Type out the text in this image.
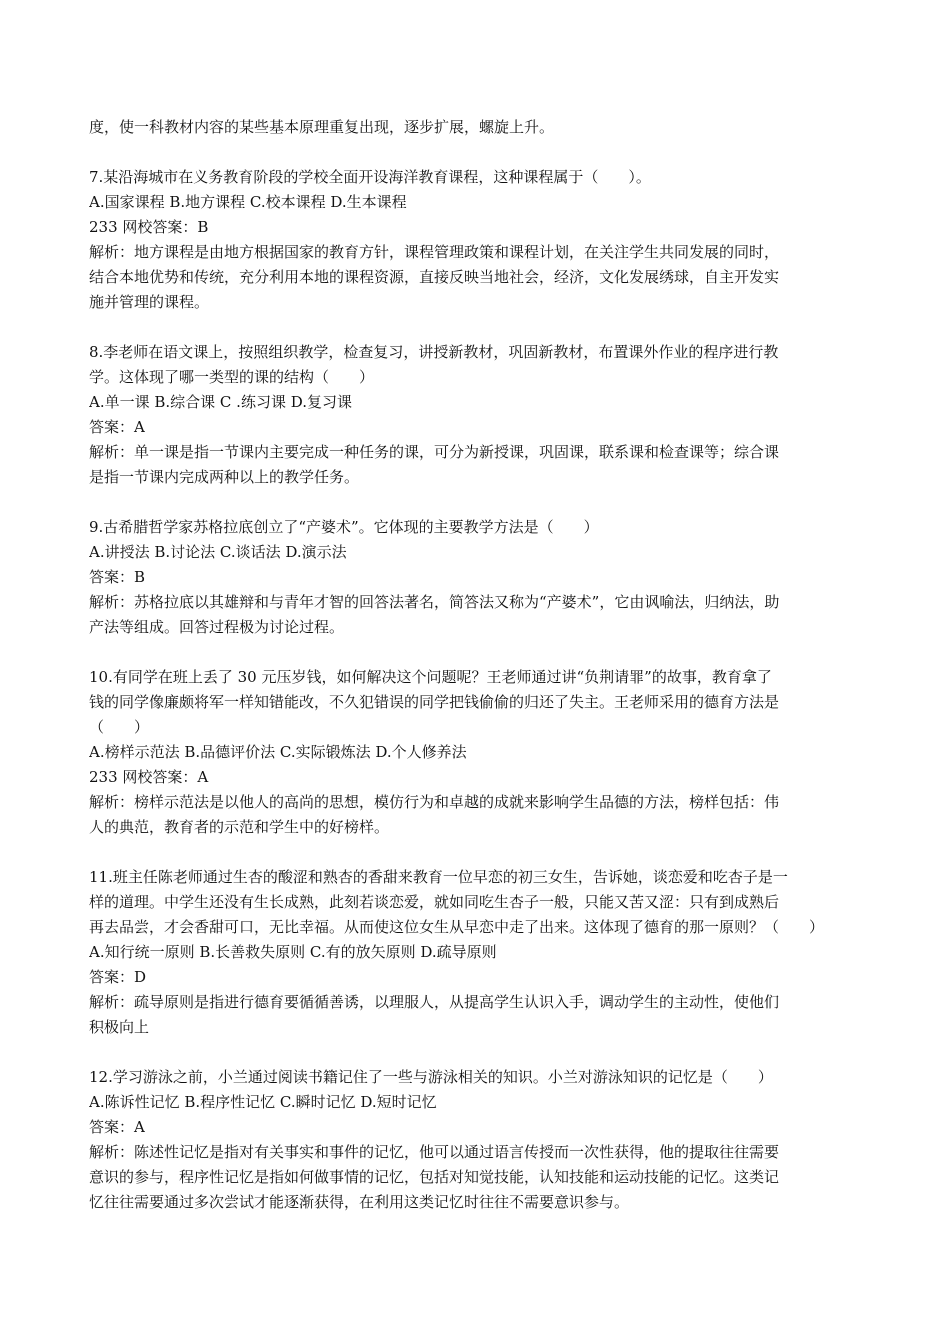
度，使一科教材内容的某些基本原理重复出现，逐步扩展，螺旋上升。
7.某沿海城市在义务教育阶段的学校全面开设海洋教育课程，这种课程属于（　　）。
A.国家课程 B.地方课程 C.校本课程 D.生本课程
233 网校答案：B
解析：地方课程是由地方根据国家的教育方针，课程管理政策和课程计划，在关注学生共同发展的同时，
结合本地优势和传统，充分利用本地的课程资源，直接反映当地社会，经济，文化发展绣球，自主开发实
施并管理的课程。
8.李老师在语文课上，按照组织教学，检查复习，讲授新教材，巩固新教材，布置课外作业的程序进行教
学。这体现了哪一类型的课的结构（　　）
A.单一课 B.综合课 C .练习课 D.复习课
答案：A
解析：单一课是指一节课内主要完成一种任务的课，可分为新授课，巩固课，联系课和检查课等；综合课
是指一节课内完成两种以上的教学任务。
9.古希腊哲学家苏格拉底创立了“产婆术”。它体现的主要教学方法是（　　）
A.讲授法 B.讨论法 C.谈话法 D.演示法
答案：B
解析：苏格拉底以其雄辩和与青年才智的回答法著名，简答法又称为“产婆术”，它由讽喻法，归纳法，助
产法等组成。回答过程极为讨论过程。
10.有同学在班上丢了 30 元压岁钱，如何解决这个问题呢？王老师通过讲“负荆请罪”的故事，教育拿了
钱的同学像廉颇将军一样知错能改，不久犯错误的同学把钱偷偷的归还了失主。王老师采用的德育方法是
（　　）
A.榜样示范法 B.品德评价法 C.实际锻炼法 D.个人修养法
233 网校答案：A
解析：榜样示范法是以他人的高尚的思想，模仿行为和卓越的成就来影响学生品德的方法，榜样包括：伟
人的典范，教育者的示范和学生中的好榜样。
11.班主任陈老师通过生杏的酸涩和熟杏的香甜来教育一位早恋的初三女生，告诉她，谈恋爱和吃杏子是一
样的道理。中学生还没有生长成熟，此刻若谈恋爱，就如同吃生杏子一般，只能又苦又涩：只有到成熟后
再去品尝，才会香甜可口，无比幸福。从而使这位女生从早恋中走了出来。这体现了德育的那一原则？（　　）
A.知行统一原则 B.长善救失原则 C.有的放矢原则 D.疏导原则
答案：D
解析：疏导原则是指进行德育要循循善诱，以理服人，从提高学生认识入手，调动学生的主动性，使他们
积极向上
12.学习游泳之前，小兰通过阅读书籍记住了一些与游泳相关的知识。小兰对游泳知识的记忆是（　　）
A.陈诉性记忆 B.程序性记忆 C.瞬时记忆 D.短时记忆
答案：A
解析：陈述性记忆是指对有关事实和事件的记忆，他可以通过语言传授而一次性获得，他的提取往往需要
意识的参与，程序性记忆是指如何做事情的记忆，包括对知觉技能，认知技能和运动技能的记忆。这类记
忆往往需要通过多次尝试才能逐渐获得，在利用这类记忆时往往不需要意识参与。
